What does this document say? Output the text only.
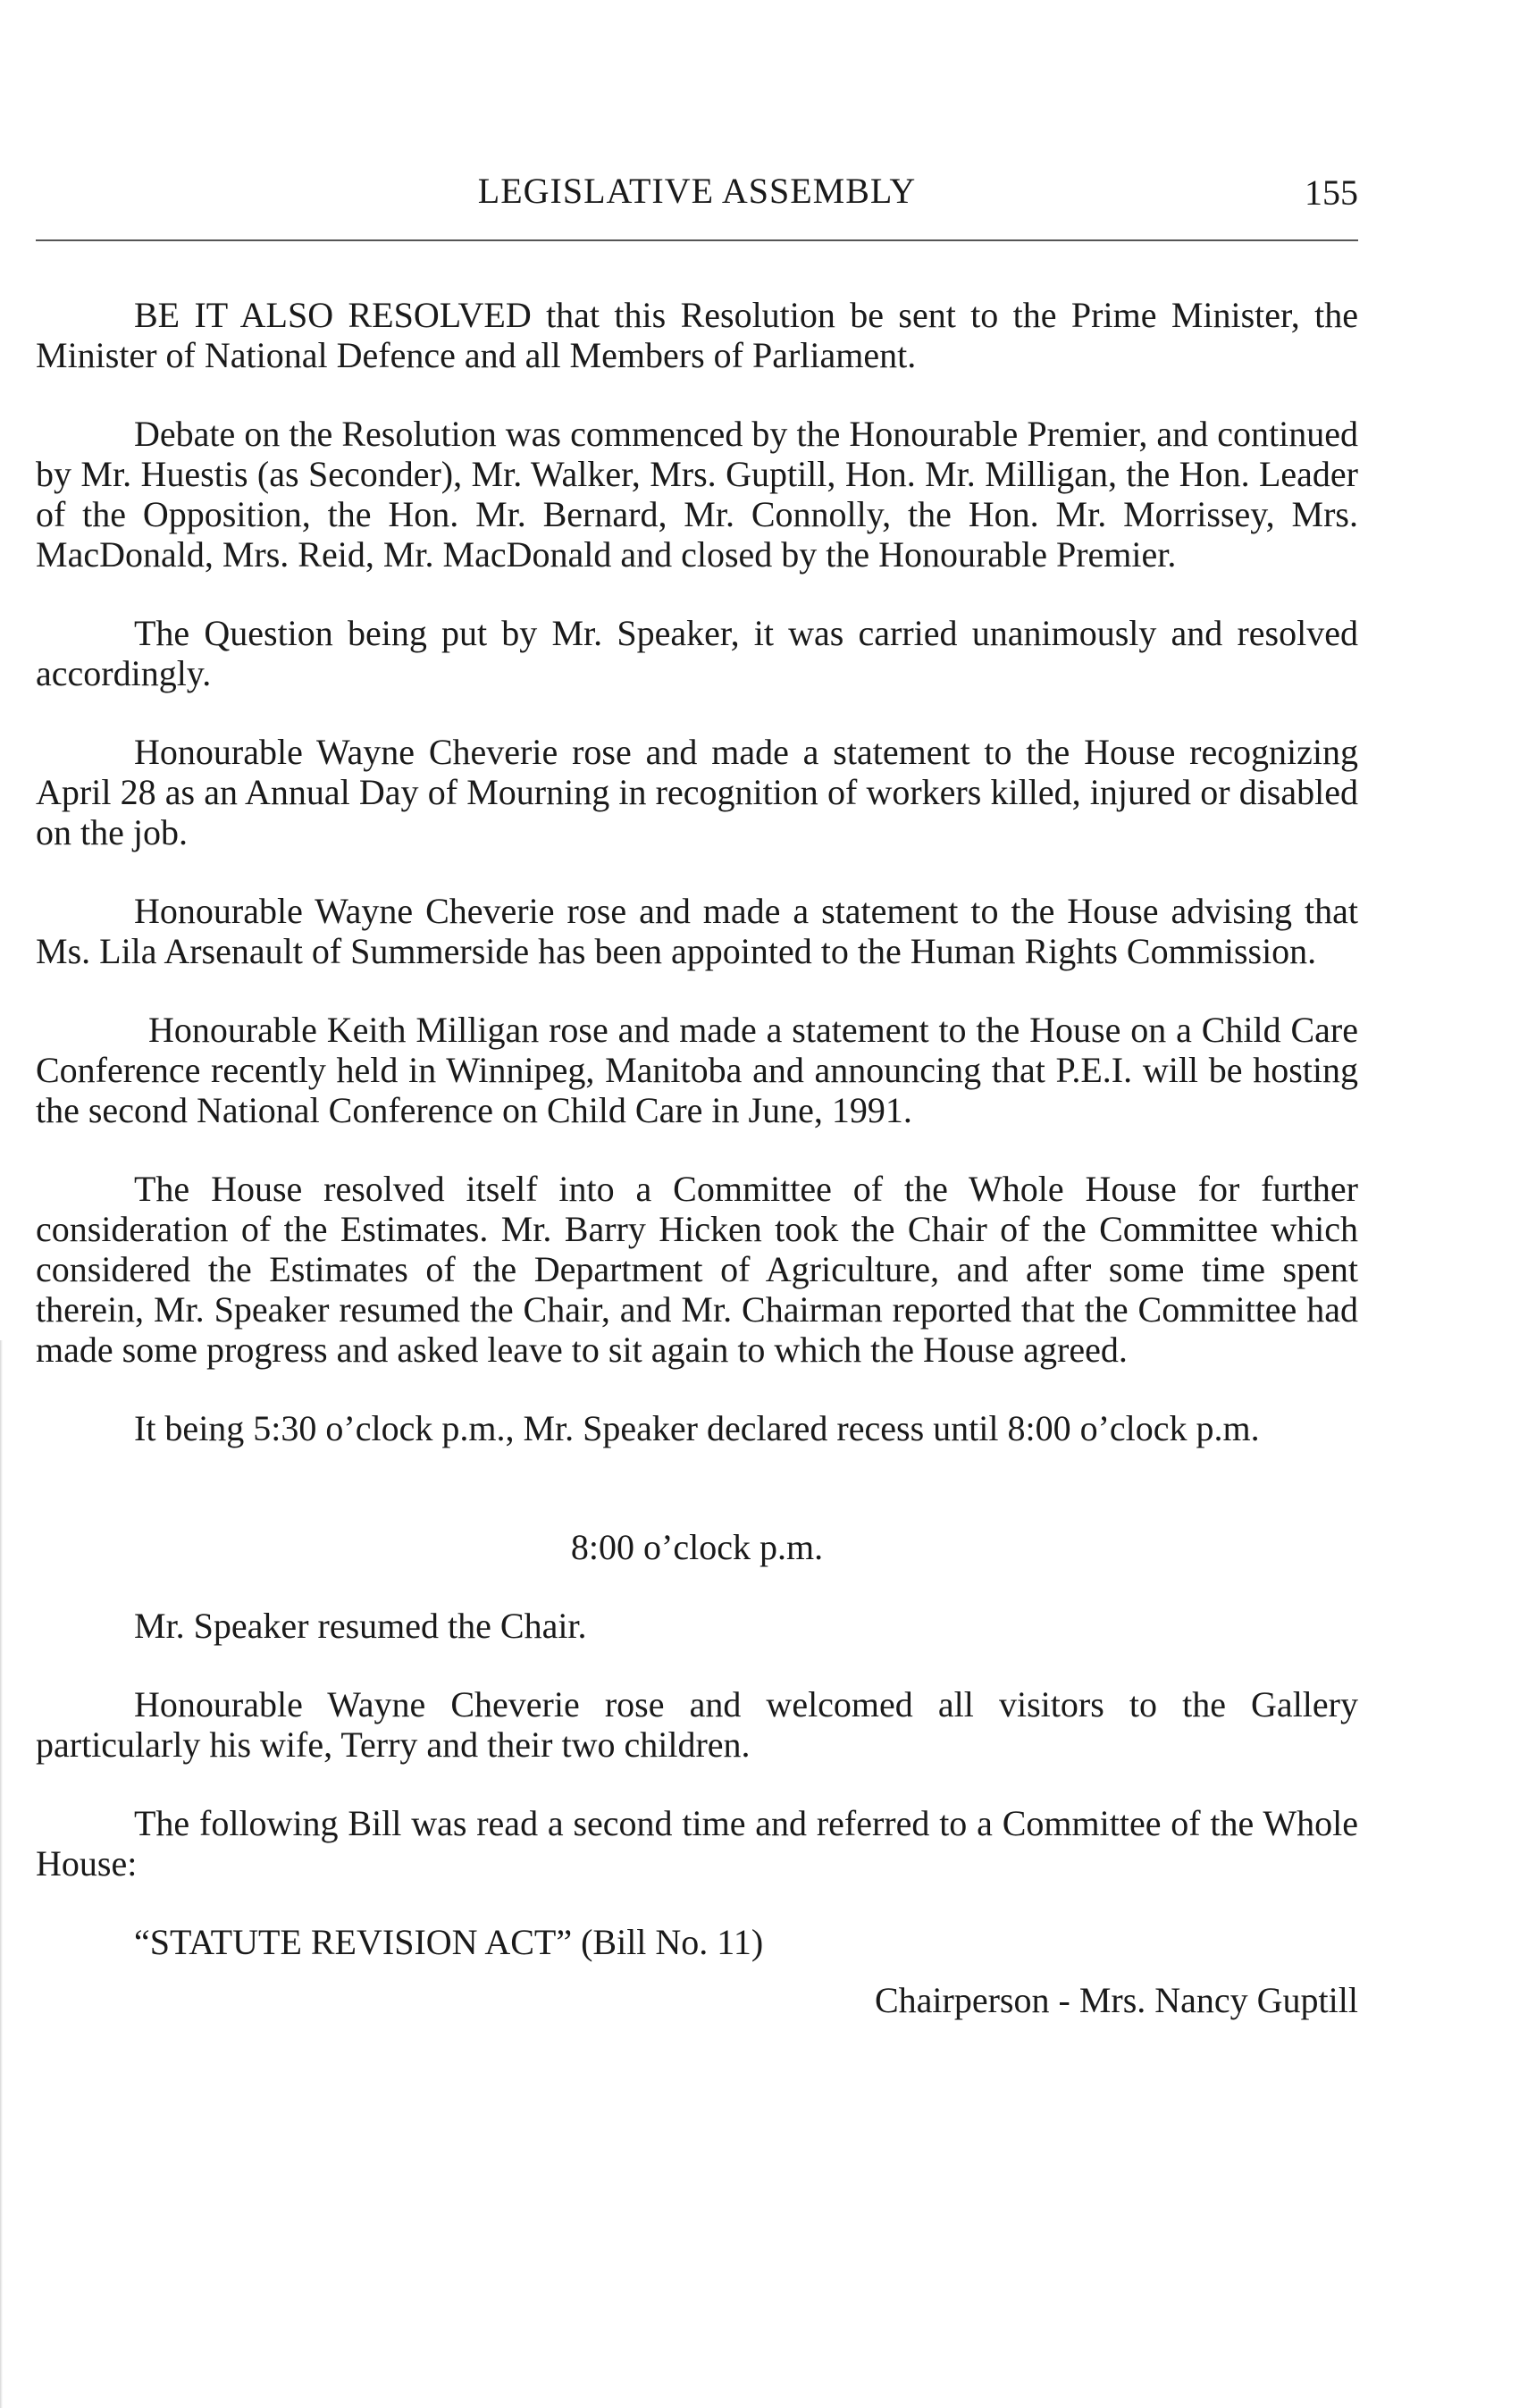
LEGISLATIVE ASSEMBLY	155

BE IT ALSO RESOLVED that this Resolution be sent to the Prime Minister, the Minister of National Defence and all Members of Parliament.

Debate on the Resolution was commenced by the Honourable Premier, and continued by Mr. Huestis (as Seconder), Mr. Walker, Mrs. Guptill, Hon. Mr. Milligan, the Hon. Leader of the Opposition, the Hon. Mr. Bernard, Mr. Connolly, the Hon. Mr. Morrissey, Mrs. MacDonald, Mrs. Reid, Mr. MacDonald and closed by the Honourable Premier.

The Question being put by Mr. Speaker, it was carried unanimously and resolved accordingly.

Honourable Wayne Cheverie rose and made a statement to the House recognizing April 28 as an Annual Day of Mourning in recognition of workers killed, injured or disabled on the job.

Honourable Wayne Cheverie rose and made a statement to the House advising that Ms. Lila Arsenault of Summerside has been appointed to the Human Rights Commission.

Honourable Keith Milligan rose and made a statement to the House on a Child Care Conference recently held in Winnipeg, Manitoba and announcing that P.E.I. will be hosting the second National Conference on Child Care in June, 1991.

The House resolved itself into a Committee of the Whole House for further consideration of the Estimates. Mr. Barry Hicken took the Chair of the Committee which considered the Estimates of the Department of Agriculture, and after some time spent therein, Mr. Speaker resumed the Chair, and Mr. Chairman reported that the Committee had made some progress and asked leave to sit again to which the House agreed.

It being 5:30 o’clock p.m., Mr. Speaker declared recess until 8:00 o’clock p.m.

8:00 o’clock p.m.

Mr. Speaker resumed the Chair.

Honourable Wayne Cheverie rose and welcomed all visitors to the Gallery particularly his wife, Terry and their two children.

The following Bill was read a second time and referred to a Committee of the Whole House:

“STATUTE REVISION ACT” (Bill No. 11)

Chairperson - Mrs. Nancy Guptill
